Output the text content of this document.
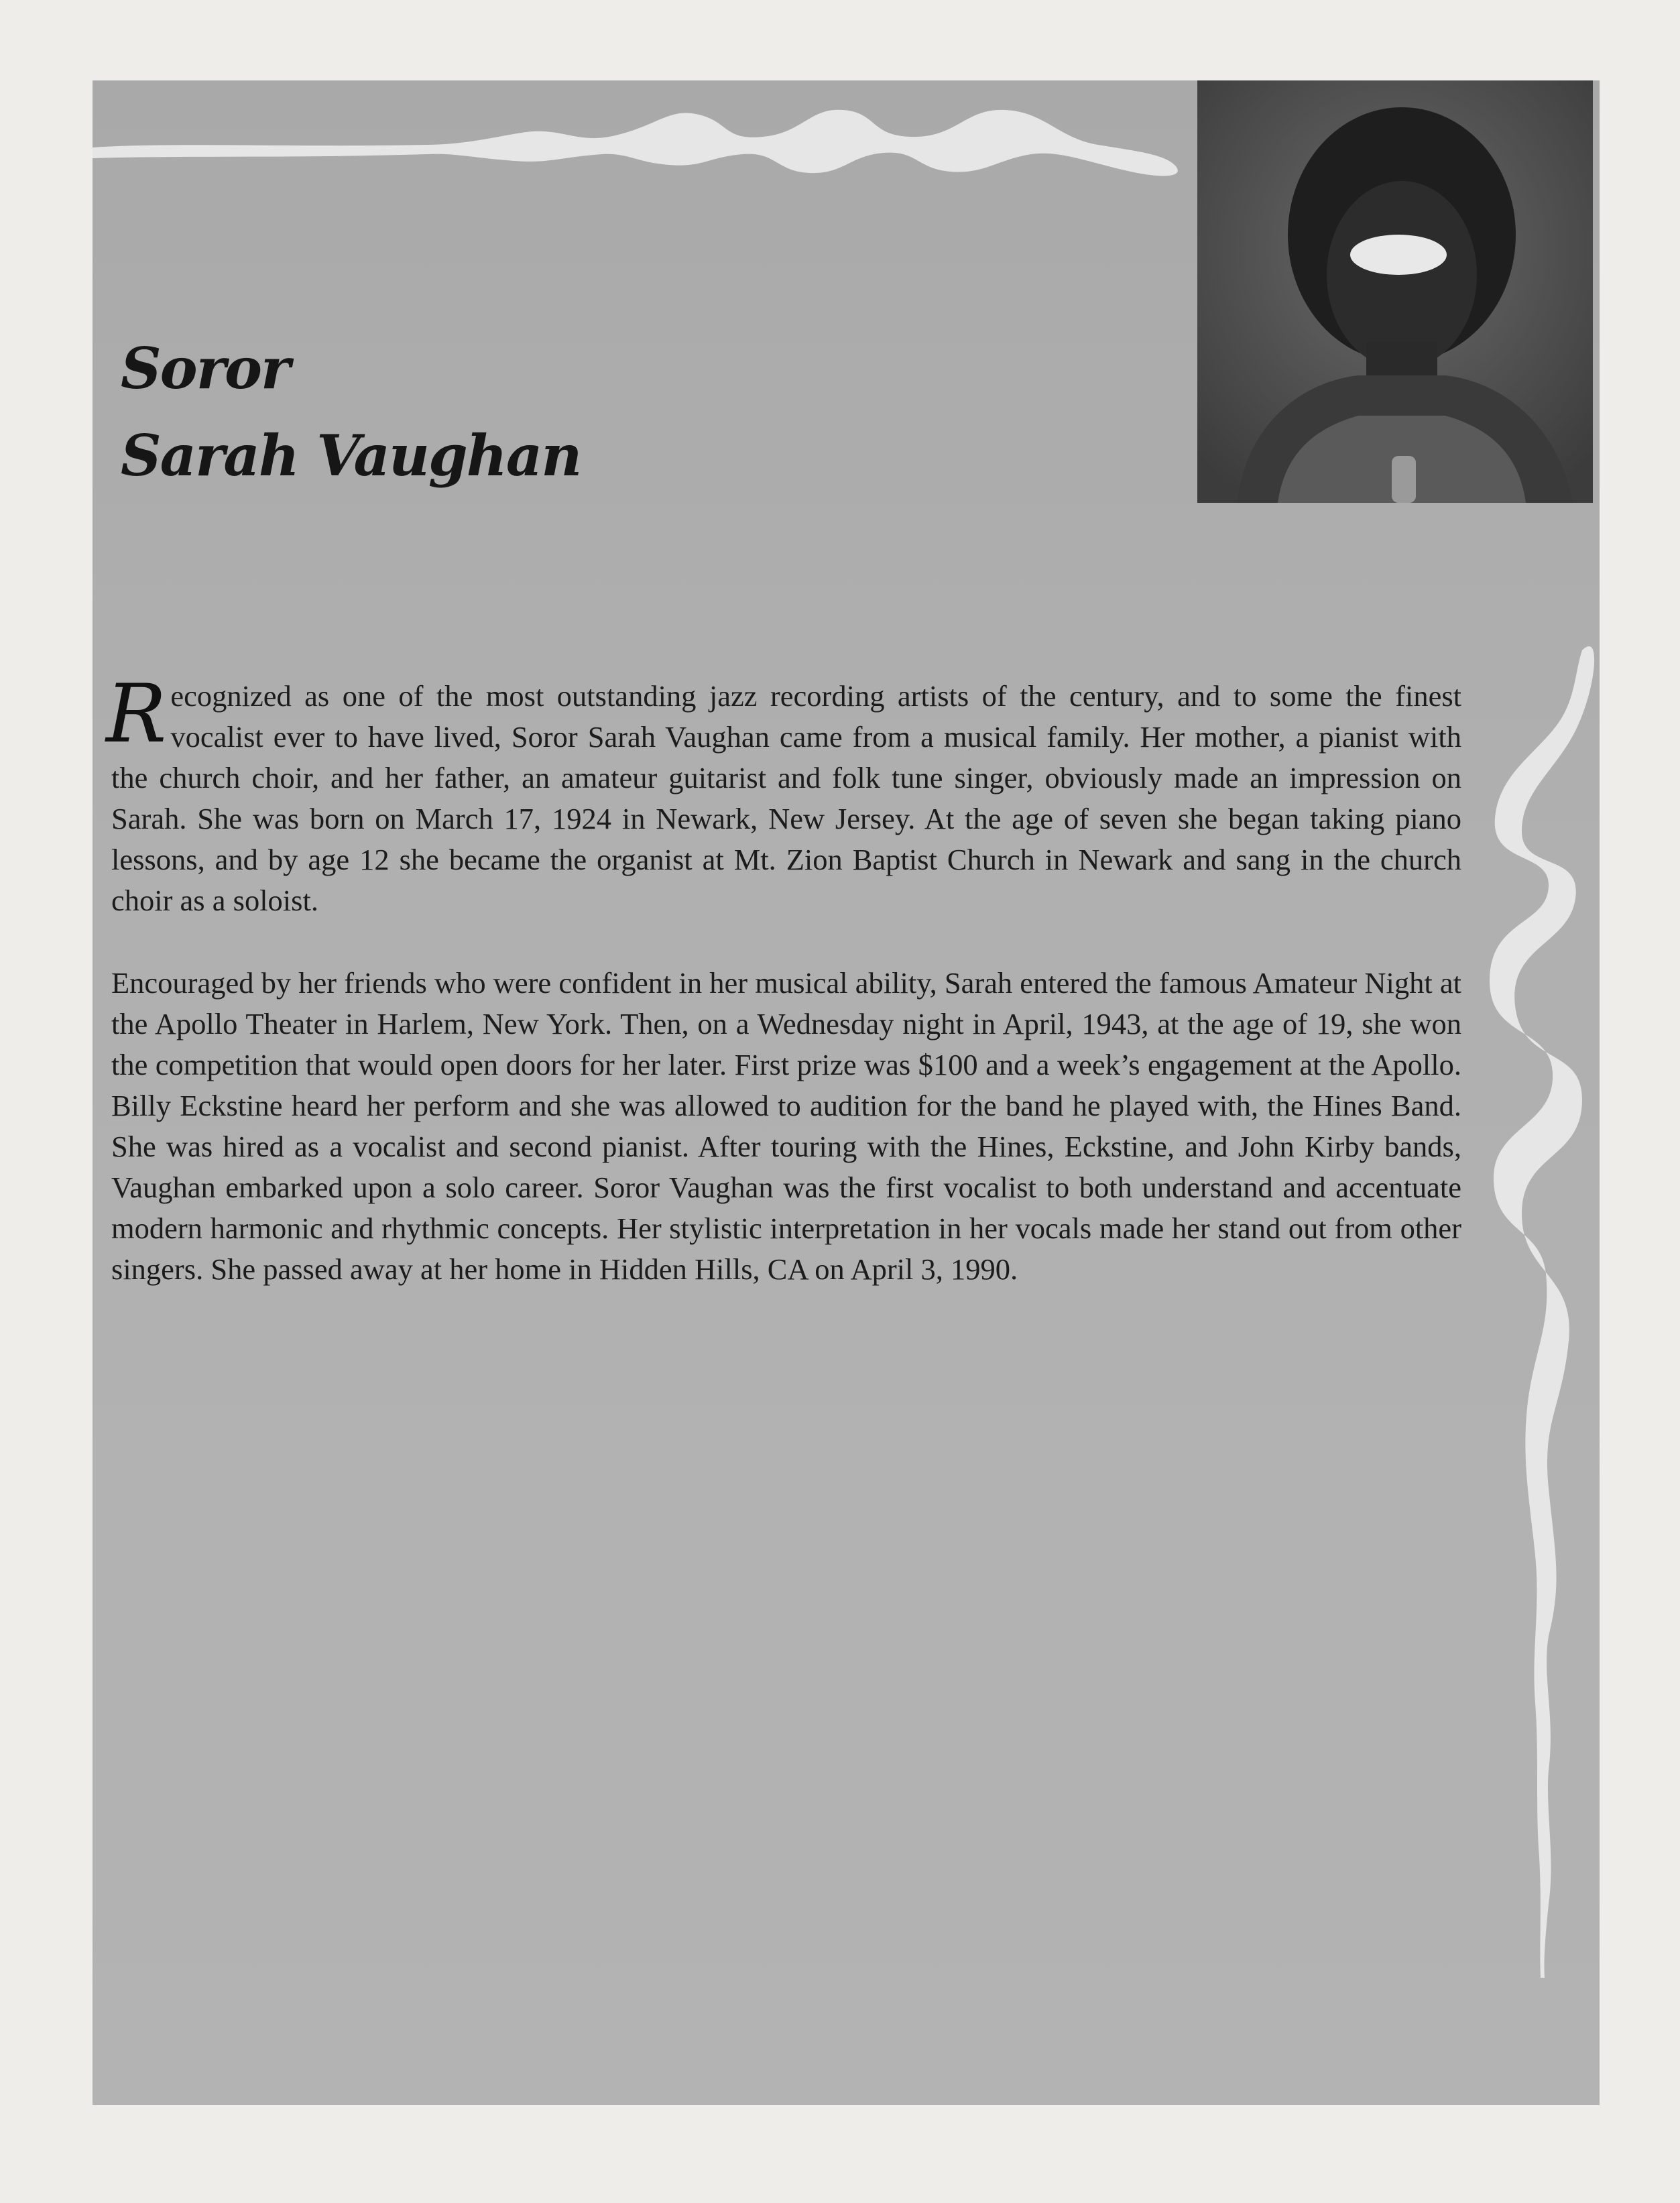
Soror
Sarah Vaughan

Recognized as one of the most outstanding jazz recording artists of the century, and to some the finest vocalist ever to have lived, Soror Sarah Vaughan came from a musical family. Her mother, a pianist with the church choir, and her father, an amateur guitarist and folk tune singer, obviously made an impression on Sarah. She was born on March 17, 1924 in Newark, New Jersey. At the age of seven she began taking piano lessons, and by age 12 she became the organist at Mt. Zion Baptist Church in Newark and sang in the church choir as a soloist.

Encouraged by her friends who were confident in her musical ability, Sarah entered the famous Amateur Night at the Apollo Theater in Harlem, New York. Then, on a Wednesday night in April, 1943, at the age of 19, she won the competition that would open doors for her later. First prize was $100 and a week’s engagement at the Apollo. Billy Eckstine heard her perform and she was allowed to audition for the band he played with, the Hines Band. She was hired as a vocalist and second pianist. After touring with the Hines, Eckstine, and John Kirby bands, Vaughan embarked upon a solo career. Soror Vaughan was the first vocalist to both understand and accentuate modern harmonic and rhythmic concepts. Her stylistic interpretation in her vocals made her stand out from other singers. She passed away at her home in Hidden Hills, CA on April 3, 1990.
